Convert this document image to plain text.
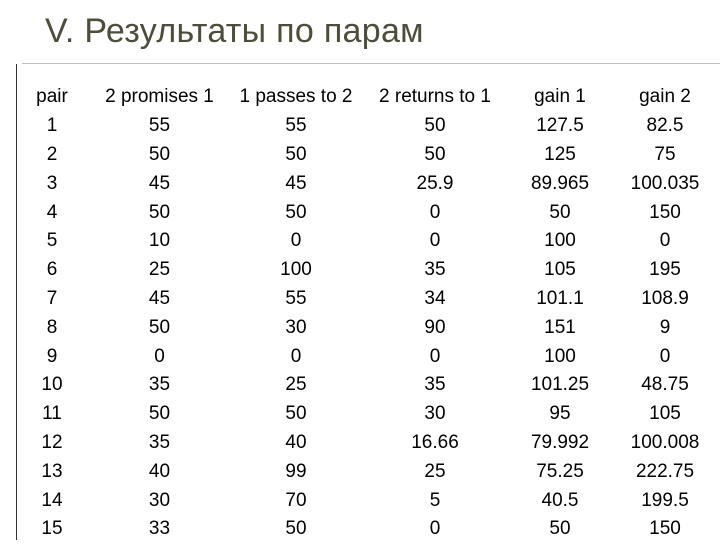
V. Результаты по парам
pair	2 promises 1	1 passes to 2	2 returns to 1	gain 1	gain 2
1	55	55	50	127.5	82.5
2	50	50	50	125	75
3	45	45	25.9	89.965	100.035
4	50	50	0	50	150
5	10	0	0	100	0
6	25	100	35	105	195
7	45	55	34	101.1	108.9
8	50	30	90	151	9
9	0	0	0	100	0
10	35	25	35	101.25	48.75
11	50	50	30	95	105
12	35	40	16.66	79.992	100.008
13	40	99	25	75.25	222.75
14	30	70	5	40.5	199.5
15	33	50	0	50	150
